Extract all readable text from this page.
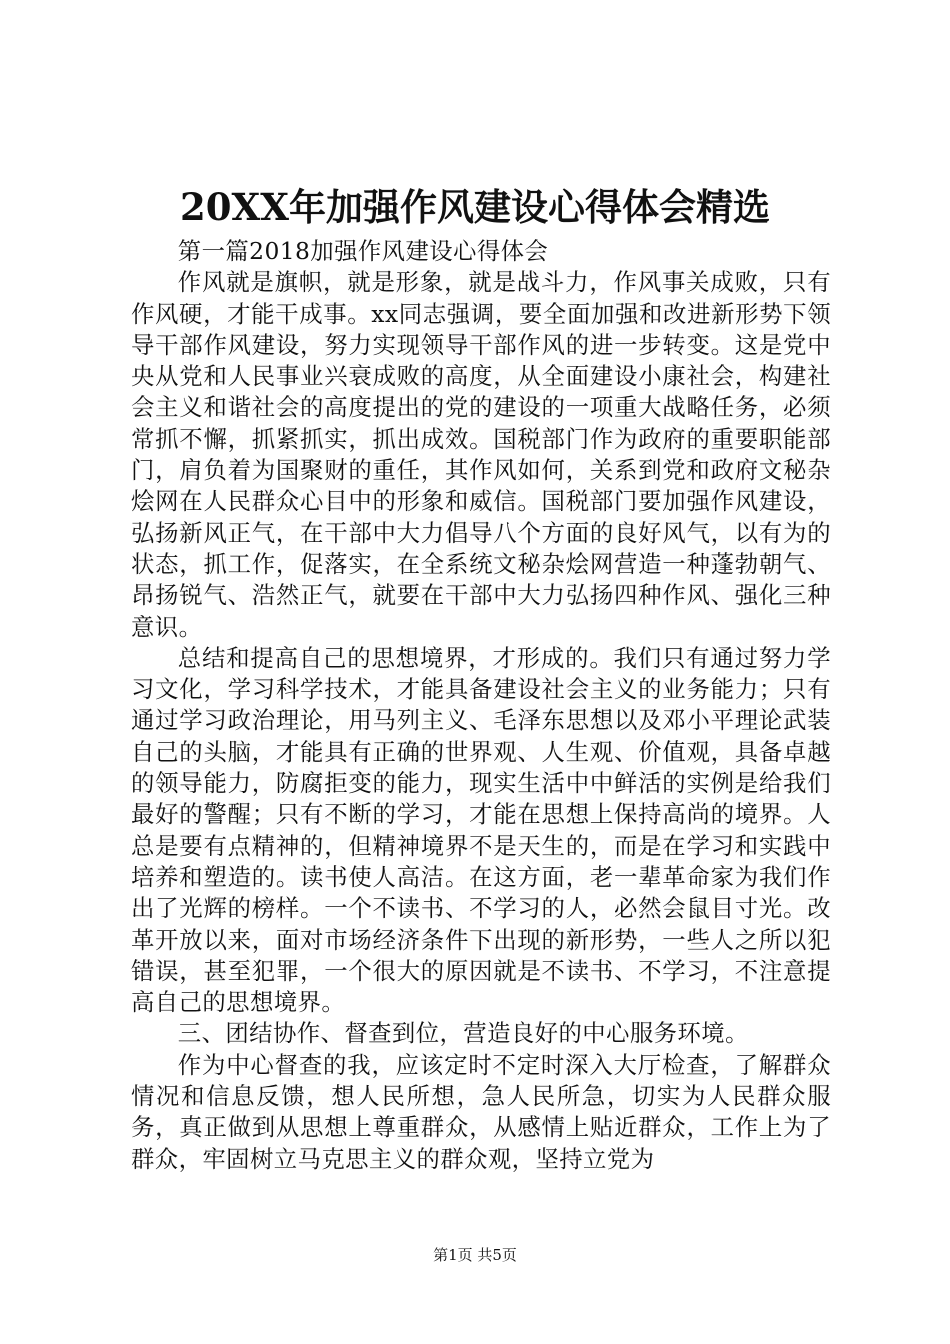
20XX年加强作风建设心得体会精选

第一篇2018加强作风建设心得体会

作风就是旗帜，就是形象，就是战斗力，作风事关成败，只有作风硬，才能干成事。xx同志强调，要全面加强和改进新形势下领导干部作风建设，努力实现领导干部作风的进一步转变。这是党中央从党和人民事业兴衰成败的高度，从全面建设小康社会，构建社会主义和谐社会的高度提出的党的建设的一项重大战略任务，必须常抓不懈，抓紧抓实，抓出成效。国税部门作为政府的重要职能部门，肩负着为国聚财的重任，其作风如何，关系到党和政府文秘杂烩网在人民群众心目中的形象和威信。国税部门要加强作风建设，弘扬新风正气，在干部中大力倡导八个方面的良好风气，以有为的状态，抓工作，促落实，在全系统文秘杂烩网营造一种蓬勃朝气、昂扬锐气、浩然正气，就要在干部中大力弘扬四种作风、强化三种意识。

总结和提高自己的思想境界，才形成的。我们只有通过努力学习文化，学习科学技术，才能具备建设社会主义的业务能力；只有通过学习政治理论，用马列主义、毛泽东思想以及邓小平理论武装自己的头脑，才能具有正确的世界观、人生观、价值观，具备卓越的领导能力，防腐拒变的能力，现实生活中中鲜活的实例是给我们最好的警醒；只有不断的学习，才能在思想上保持高尚的境界。人总是要有点精神的，但精神境界不是天生的，而是在学习和实践中培养和塑造的。读书使人高洁。在这方面，老一辈革命家为我们作出了光辉的榜样。一个不读书、不学习的人，必然会鼠目寸光。改革开放以来，面对市场经济条件下出现的新形势，一些人之所以犯错误，甚至犯罪，一个很大的原因就是不读书、不学习，不注意提高自己的思想境界。

三、团结协作、督查到位，营造良好的中心服务环境。

作为中心督查的我，应该定时不定时深入大厅检查，了解群众情况和信息反馈，想人民所想，急人民所急，切实为人民群众服务，真正做到从思想上尊重群众，从感情上贴近群众，工作上为了群众，牢固树立马克思主义的群众观，坚持立党为

第1页 共5页
